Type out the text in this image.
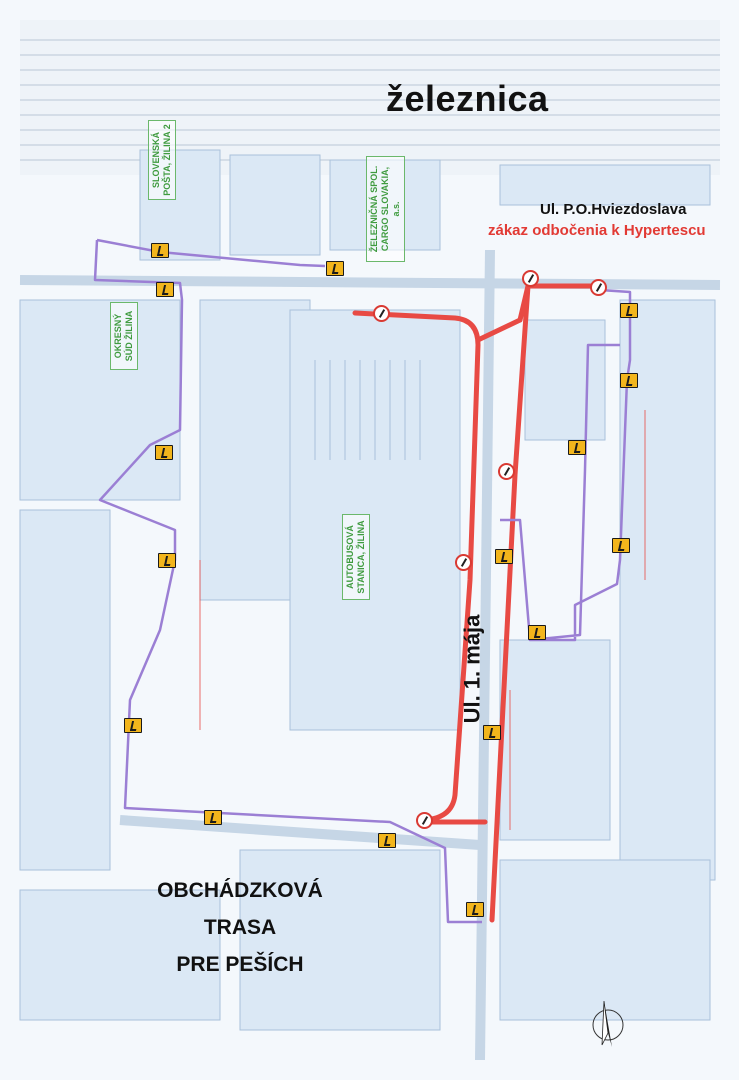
SLOVENSKÁ POŠTA, ŽILINA 2
ŽELEZNIČNÁ SPOL. CARGO SLOVAKIA, a.s.
OKRESNÝ SÚD ŽILINA
AUTOBUSOVÁ STANICA, ŽILINA
železnica
Ul. P.O.Hviezdoslava
zákaz odbočenia k Hypertescu
Ul. 1. mája
OBCHÁDZKOVÁ
TRASA
PRE PEŠÍCH
